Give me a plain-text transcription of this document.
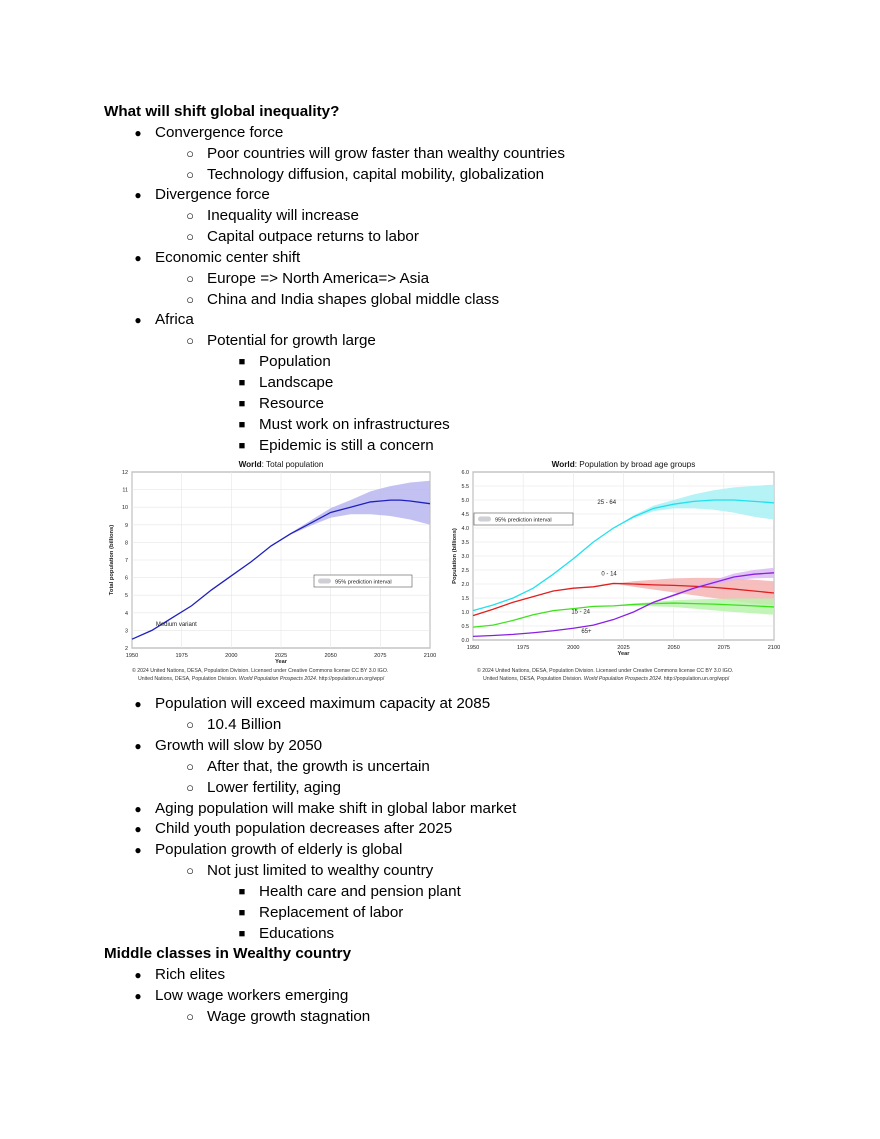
What will shift global inequality?
● Convergence force
○ Poor countries will grow faster than wealthy countries
○ Technology diffusion, capital mobility, globalization
● Divergence force
○ Inequality will increase
○ Capital outpace returns to labor
● Economic center shift
○ Europe => North America=> Asia
○ China and India shapes global middle class
● Africa
○ Potential for growth large
■ Population
■ Landscape
■ Resource
■ Must work on infrastructures
■ Epidemic is still a concern
World: Total population
1950	1975	2000	2025	2050	2075	2100
2
3
4
5
6
7
8
9
10
11
12
Year
Total population (billions)	95% prediction interval
© 2024 United Nations, DESA, Population Division. Licensed under Creative Commons license CC BY 3.0 IGO.
United Nations, DESA, Population Division. World Population Prospects 2024. http://population.un.org/wpp/
Medium variant
World: Population by broad age groups
1950	1975	2000	2025	2050	2075	2100
0.0
0.5
1.0
1.5
2.0
2.5
3.0
3.5
4.0
4.5
5.0
5.5
6.0
Year
Population (billions)
95% prediction interval
© 2024 United Nations, DESA, Population Division. Licensed under Creative Commons license CC BY 3.0 IGO.
United Nations, DESA, Population Division. World Population Prospects 2024. http://population.un.org/wpp/
25 - 64
0 - 14
15 - 24
65+
● Population will exceed maximum capacity at 2085
○ 10.4 Billion
● Growth will slow by 2050
○ After that, the growth is uncertain
○ Lower fertility, aging
● Aging population will make shift in global labor market
● Child youth population decreases after 2025
● Population growth of elderly is global
○ Not just limited to wealthy country
■ Health care and pension plant
■ Replacement of labor
■ Educations
Middle classes in Wealthy country
● Rich elites
● Low wage workers emerging
○ Wage growth stagnation
